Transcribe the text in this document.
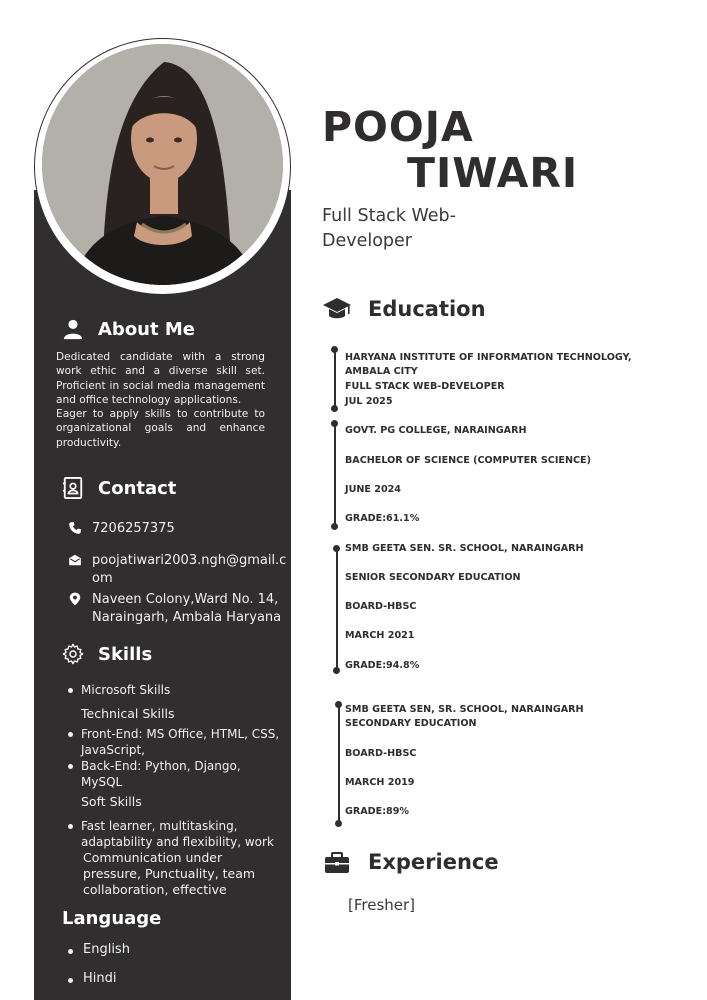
About Me

Dedicated candidate with a strong work ethic and a diverse skill set. Proficient in social media management and office technology applications.

Eager to apply skills to contribute to organizational goals and enhance productivity.

Contact
7206257375
poojatiwari2003.ngh@gmail.com
Naveen Colony,Ward No. 14, Naraingarh, Ambala Haryana
Skills
Microsoft Skills
Technical Skills
Front-End: MS Office, HTML, CSS, JavaScript,
Back-End: Python, Django, MySQL
Soft Skills
Fast learner, multitasking, adaptability and flexibility, work
Communication under pressure, Punctuality, team collaboration, effective
Language
English
Hindi
POOJA
TIWARI
Full Stack Web-Developer
Education
HARYANA INSTITUTE OF INFORMATION TECHNOLOGY,
AMBALA CITY
FULL STACK WEB-DEVELOPER
JUL 2025
GOVT. PG COLLEGE, NARAINGARH
BACHELOR OF SCIENCE (COMPUTER SCIENCE)
JUNE 2024
GRADE:61.1%
SMB GEETA SEN. SR. SCHOOL, NARAINGARH
SENIOR SECONDARY EDUCATION
BOARD-HBSC
MARCH 2021
GRADE:94.8%
SMB GEETA SEN, SR. SCHOOL, NARAINGARH
SECONDARY EDUCATION
BOARD-HBSC
MARCH 2019
GRADE:89%
Experience
[Fresher]
